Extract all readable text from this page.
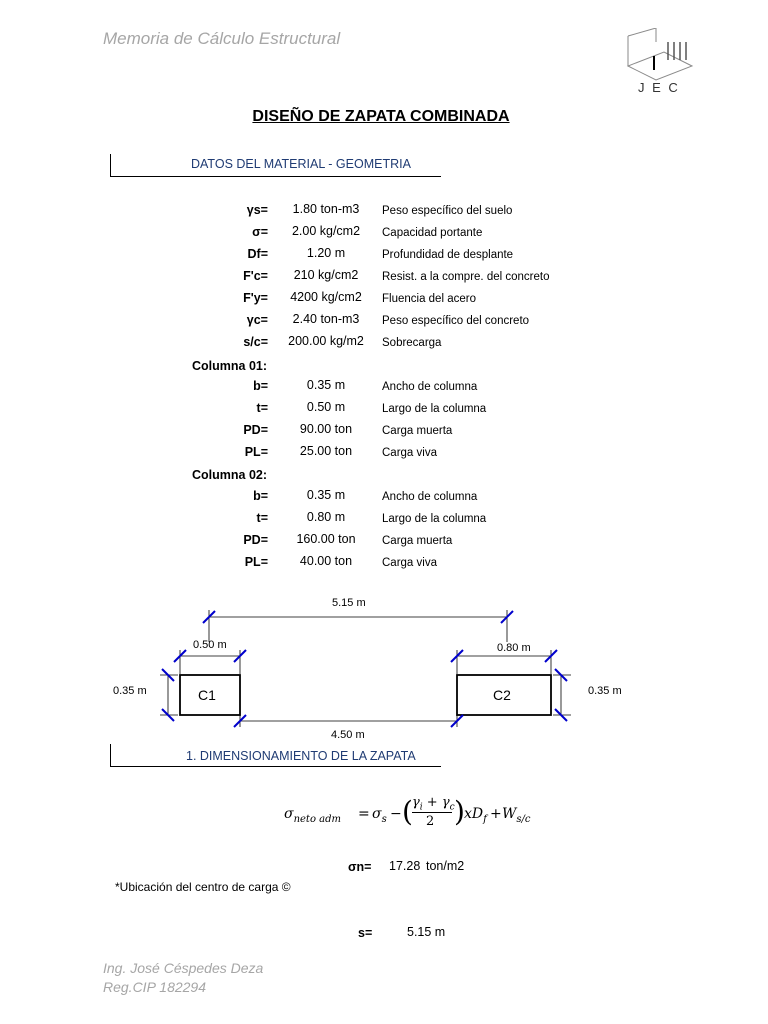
Memoria de Cálculo Estructural
J E C
DISEÑO DE ZAPATA COMBINADA
DATOS DEL MATERIAL - GEOMETRIA
γs=	1.80 ton-m3	Peso específico del suelo
σ=	2.00 kg/cm2	Capacidad portante
Df=	1.20 m	Profundidad de desplante
F'c=	210 kg/cm2	Resist. a la compre. del concreto
F'y=	4200 kg/cm2	Fluencia del acero
γc=	2.40 ton-m3	Peso específico del concreto
s/c=	200.00 kg/m2	Sobrecarga
Columna 01:
b=	0.35 m	Ancho de columna
t=	0.50 m	Largo de la columna
PD=	90.00 ton	Carga muerta
PL=	25.00 ton	Carga viva
Columna 02:
b=	0.35 m	Ancho de columna
t=	0.80 m	Largo de la columna
PD=	160.00 ton	Carga muerta
PL=	40.00 ton	Carga viva
5.15 m
0.50 m	0.80 m
0.35 m	0.35 m
C1	C2
4.50 m
1. DIMENSIONAMIENTO DE LA ZAPATA
$\sigma_{neto adm} = \sigma_s$ − ( $\gamma_i + \gamma_c$
2 ) $xD_f + W_{s/c}$
σn= 17.28 ton/m2
*Ubicación del centro de carga ©
s=	5.15 m
Ing. José Céspedes Deza
Reg.CIP 182294
